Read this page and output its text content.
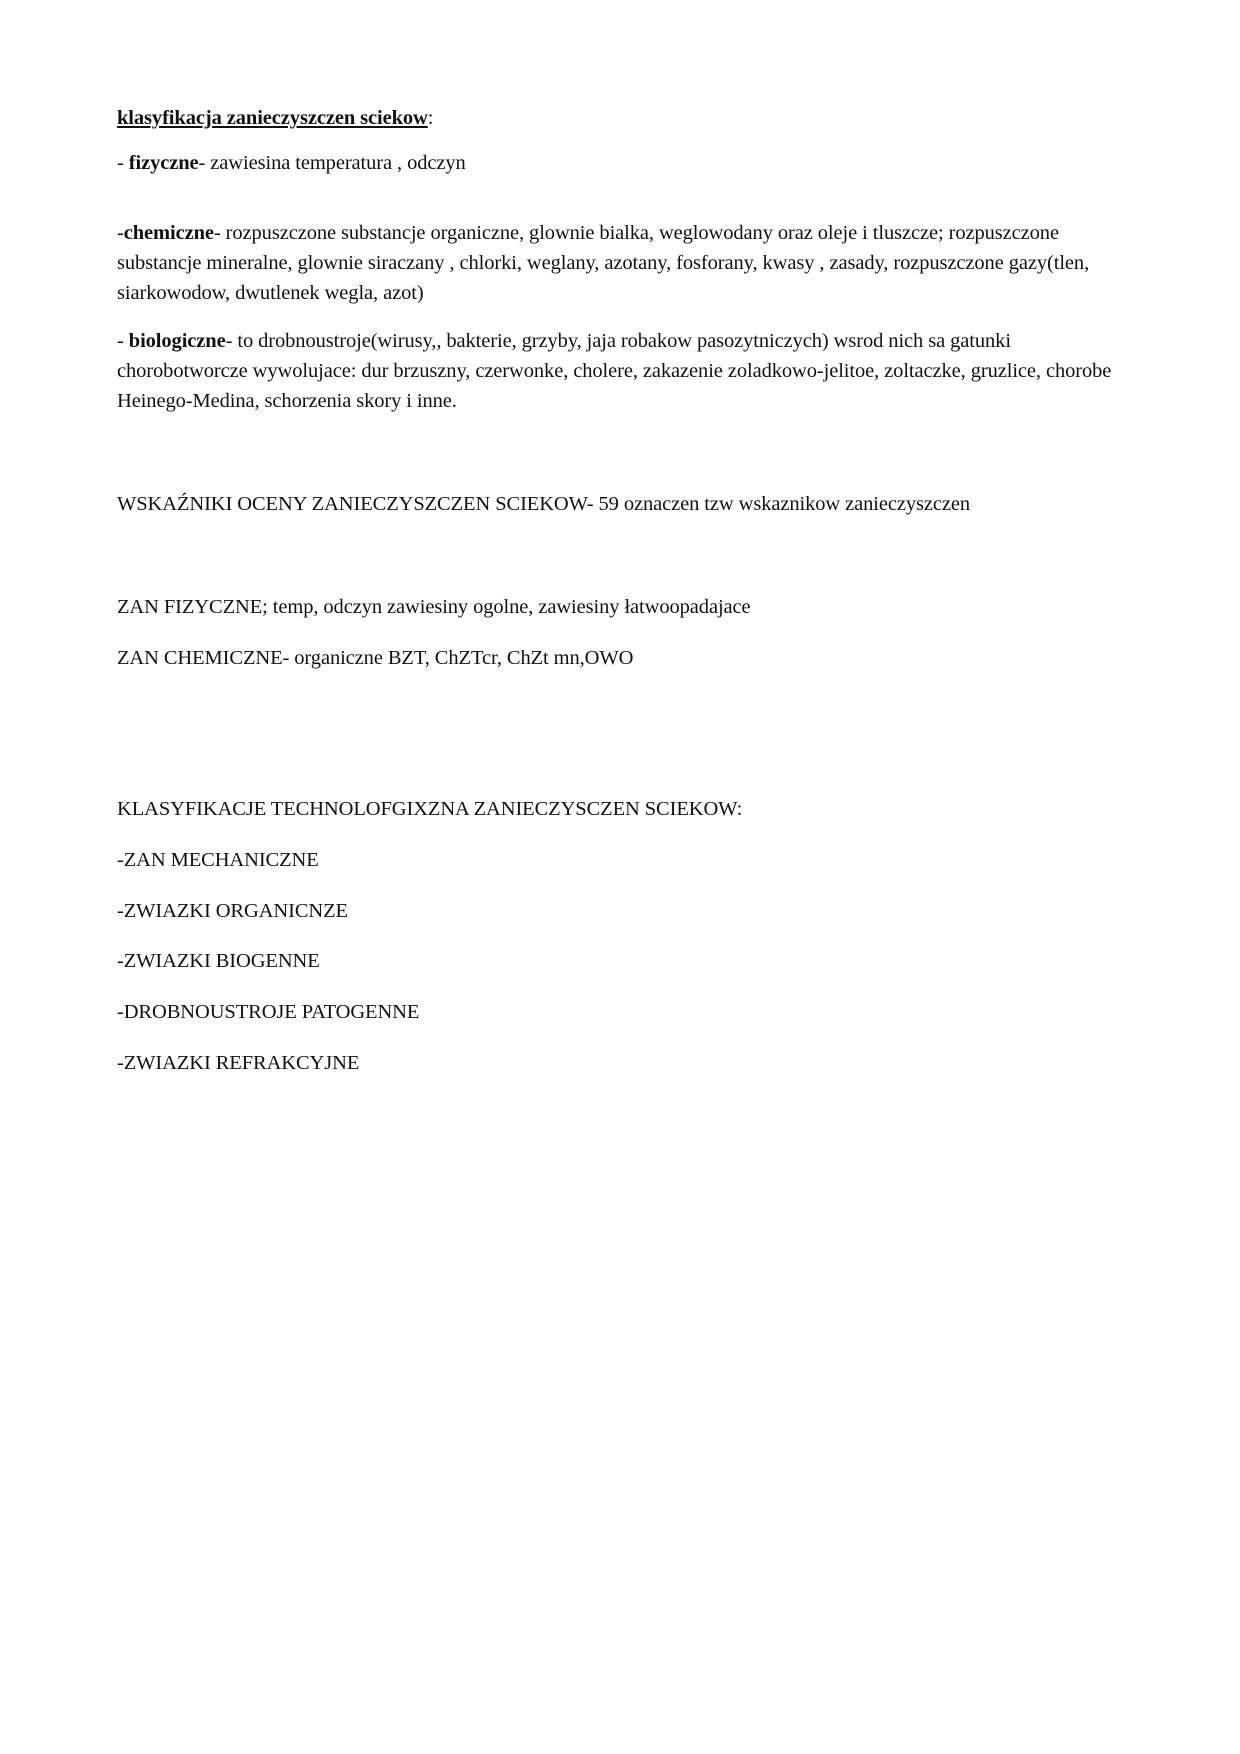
klasyfikacja zanieczyszczen sciekow:
- fizyczne- zawiesina temperatura , odczyn
-chemiczne- rozpuszczone substancje organiczne, glownie bialka, weglowodany oraz oleje i tluszcze; rozpuszczone substancje mineralne, glownie siraczany , chlorki, weglany, azotany, fosforany, kwasy , zasady, rozpuszczone gazy(tlen, siarkowodow, dwutlenek wegla, azot)
- biologiczne- to drobnoustroje(wirusy,, bakterie, grzyby, jaja robakow pasozytniczych) wsrod nich sa gatunki chorobotworcze wywolujace: dur brzuszny, czerwonke, cholere, zakazenie zoladkowo-jelitoe, zoltaczke, gruzlice, chorobe Heinego-Medina, schorzenia skory i inne.
WSKAŹNIKI OCENY ZANIECZYSZCZEN SCIEKOW- 59 oznaczen tzw wskaznikow zanieczyszczen
ZAN FIZYCZNE; temp, odczyn zawiesiny ogolne, zawiesiny łatwoopadajace
ZAN CHEMICZNE- organiczne BZT, ChZTcr, ChZt mn,OWO
KLASYFIKACJE TECHNOLOFGIXZNA ZANIECZYSCZEN SCIEKOW:
-ZAN MECHANICZNE
-ZWIAZKI ORGANICNZE
-ZWIAZKI BIOGENNE
-DROBNOUSTROJE PATOGENNE
-ZWIAZKI REFRAKCYJNE
